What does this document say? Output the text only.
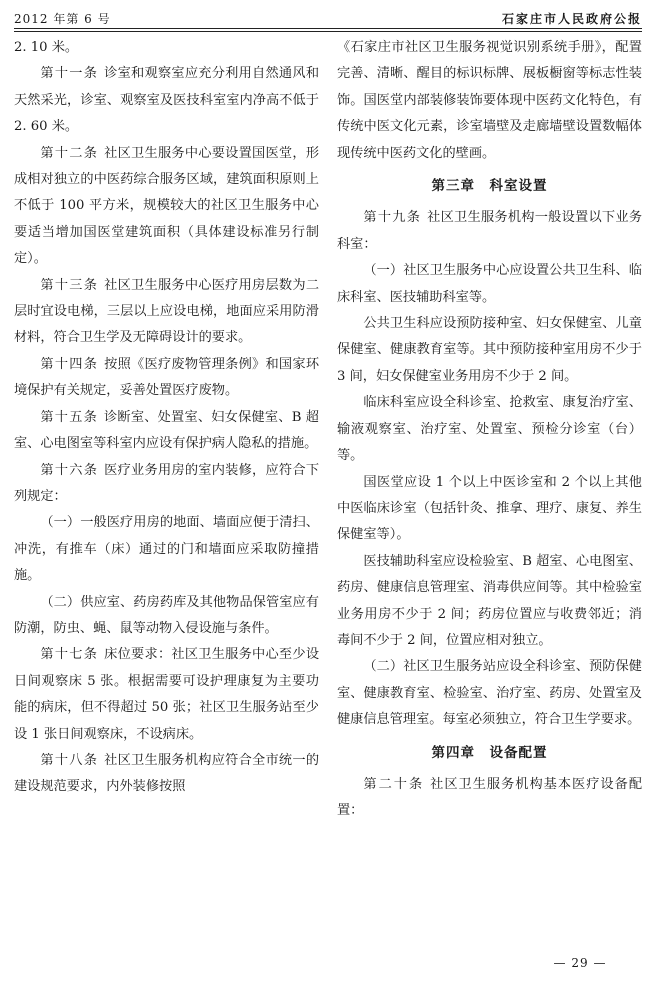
2012 年第 6 号	石家庄市人民政府公报

2. 10 米。

第十一条 诊室和观察室应充分利用自然通风和天然采光，诊室、观察室及医技科室室内净高不低于 2. 60 米。

第十二条 社区卫生服务中心要设置国医堂，形成相对独立的中医药综合服务区域，建筑面积原则上不低于 100 平方米，规模较大的社区卫生服务中心要适当增加国医堂建筑面积（具体建设标准另行制定）。

第十三条 社区卫生服务中心医疗用房层数为二层时宜设电梯，三层以上应设电梯，地面应采用防滑材料，符合卫生学及无障碍设计的要求。

第十四条 按照《医疗废物管理条例》和国家环境保护有关规定，妥善处置医疗废物。

第十五条 诊断室、处置室、妇女保健室、B 超室、心电图室等科室内应设有保护病人隐私的措施。

第十六条 医疗业务用房的室内装修，应符合下列规定：

（一）一般医疗用房的地面、墙面应便于清扫、冲洗，有推车（床）通过的门和墙面应采取防撞措施。

（二）供应室、药房药库及其他物品保管室应有防潮，防虫、蝇、鼠等动物入侵设施与条件。

第十七条 床位要求：社区卫生服务中心至少设日间观察床 5 张。根据需要可设护理康复为主要功能的病床，但不得超过 50 张；社区卫生服务站至少设 1 张日间观察床，不设病床。

第十八条 社区卫生服务机构应符合全市统一的建设规范要求，内外装修按照

《石家庄市社区卫生服务视觉识别系统手册》，配置完善、清晰、醒目的标识标牌、展板橱窗等标志性装饰。国医堂内部装修装饰要体现中医药文化特色，有传统中医文化元素，诊室墙壁及走廊墙壁设置数幅体现传统中医药文化的壁画。

第三章　科室设置

第十九条 社区卫生服务机构一般设置以下业务科室：

（一）社区卫生服务中心应设置公共卫生科、临床科室、医技辅助科室等。

公共卫生科应设预防接种室、妇女保健室、儿童保健室、健康教育室等。其中预防接种室用房不少于 3 间，妇女保健室业务用房不少于 2 间。

临床科室应设全科诊室、抢救室、康复治疗室、输液观察室、治疗室、处置室、预检分诊室（台）等。

国医堂应设 1 个以上中医诊室和 2 个以上其他中医临床诊室（包括针灸、推拿、理疗、康复、养生保健室等）。

医技辅助科室应设检验室、B 超室、心电图室、药房、健康信息管理室、消毒供应间等。其中检验室业务用房不少于 2 间；药房位置应与收费邻近；消毒间不少于 2 间，位置应相对独立。

（二）社区卫生服务站应设全科诊室、预防保健室、健康教育室、检验室、治疗室、药房、处置室及健康信息管理室。每室必须独立，符合卫生学要求。

第四章　设备配置

第二十条 社区卫生服务机构基本医疗设备配置：

— 29 —
